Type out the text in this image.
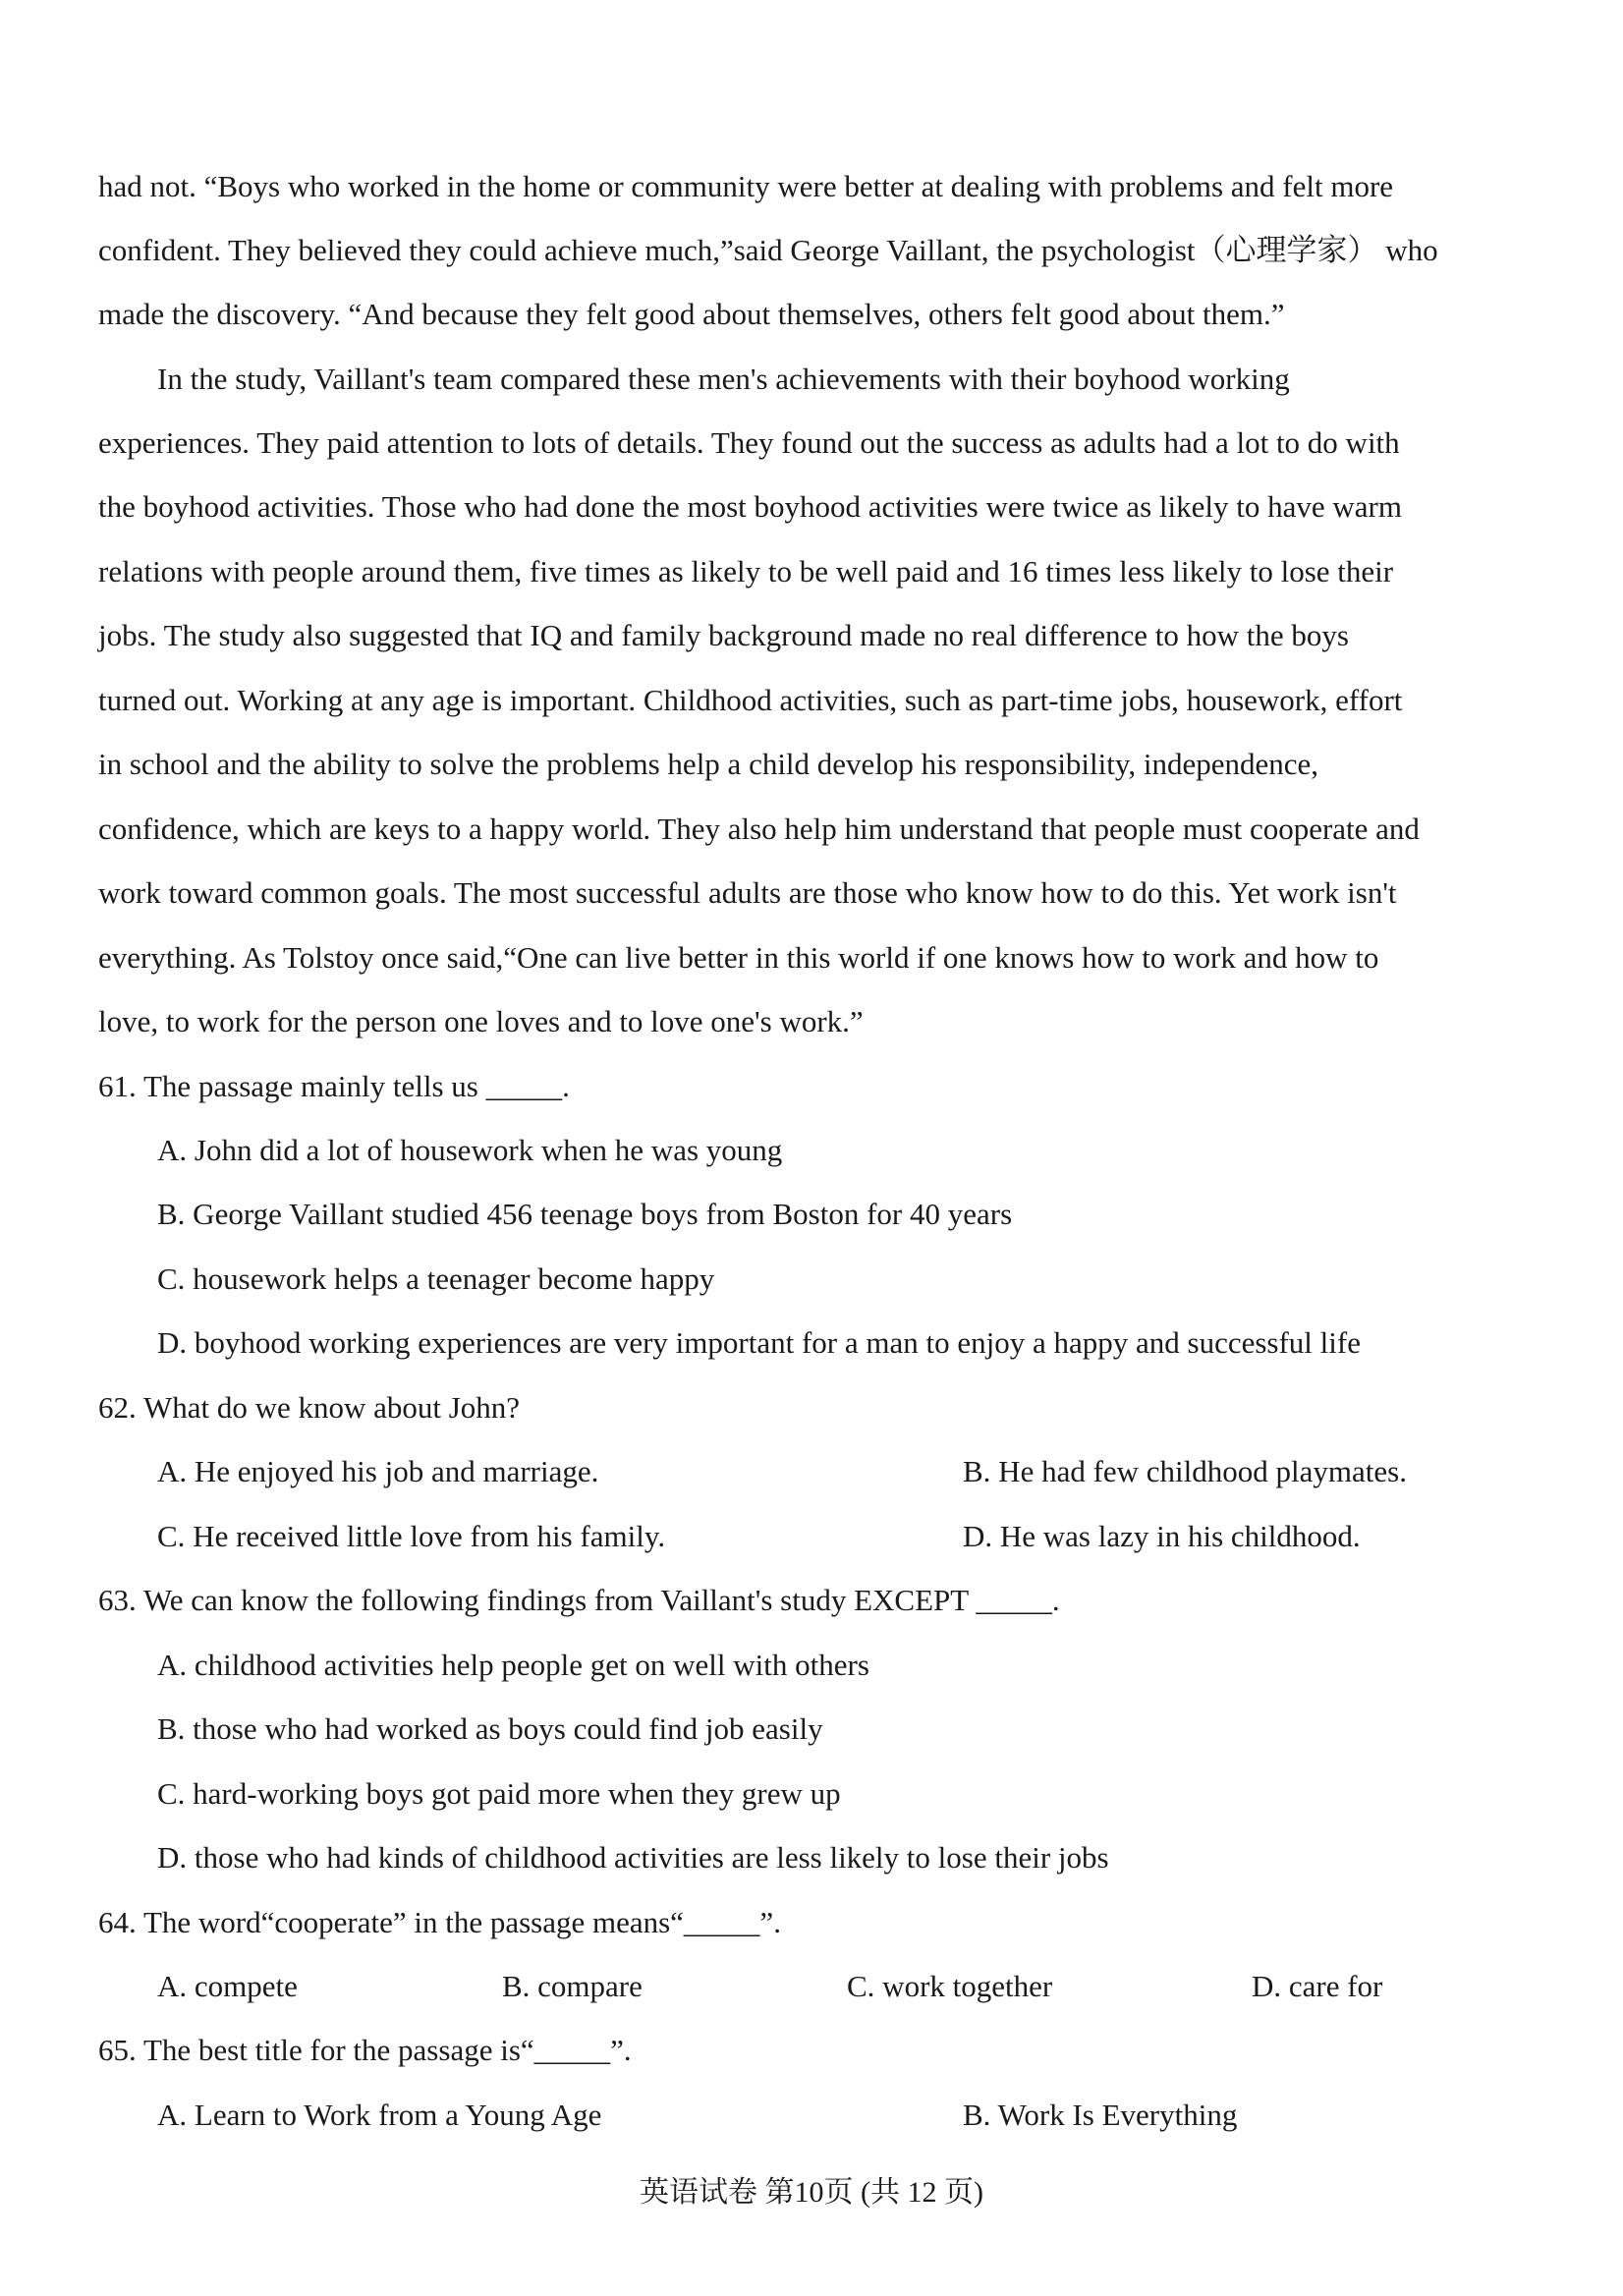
had not. “Boys who worked in the home or community were better at dealing with problems and felt more
confident. They believed they could achieve much,”said George Vaillant, the psychologist（心理学家） who
made the discovery. “And because they felt good about themselves, others felt good about them.”
In the study, Vaillant's team compared these men's achievements with their boyhood working
experiences. They paid attention to lots of details. They found out the success as adults had a lot to do with
the boyhood activities. Those who had done the most boyhood activities were twice as likely to have warm
relations with people around them, five times as likely to be well paid and 16 times less likely to lose their
jobs. The study also suggested that IQ and family background made no real difference to how the boys
turned out. Working at any age is important. Childhood activities, such as part-time jobs, housework, effort
in school and the ability to solve the problems help a child develop his responsibility, independence,
confidence, which are keys to a happy world. They also help him understand that people must cooperate and
work toward common goals. The most successful adults are those who know how to do this. Yet work isn't
everything. As Tolstoy once said,“One can live better in this world if one knows how to work and how to
love, to work for the person one loves and to love one's work.”
61. The passage mainly tells us _____.
A. John did a lot of housework when he was young
B. George Vaillant studied 456 teenage boys from Boston for 40 years
C. housework helps a teenager become happy
D. boyhood working experiences are very important for a man to enjoy a happy and successful life
62. What do we know about John?
A. He enjoyed his job and marriage.	B. He had few childhood playmates.
C. He received little love from his family.	D. He was lazy in his childhood.
63. We can know the following findings from Vaillant's study EXCEPT _____.
A. childhood activities help people get on well with others
B. those who had worked as boys could find job easily
C. hard-working boys got paid more when they grew up
D. those who had kinds of childhood activities are less likely to lose their jobs
64. The word“cooperate” in the passage means“_____”.
A. compete	B. compare	C. work together	D. care for
65. The best title for the passage is“_____”.
A. Learn to Work from a Young Age	B. Work Is Everything
英语试卷 第10页 (共 12 页)
